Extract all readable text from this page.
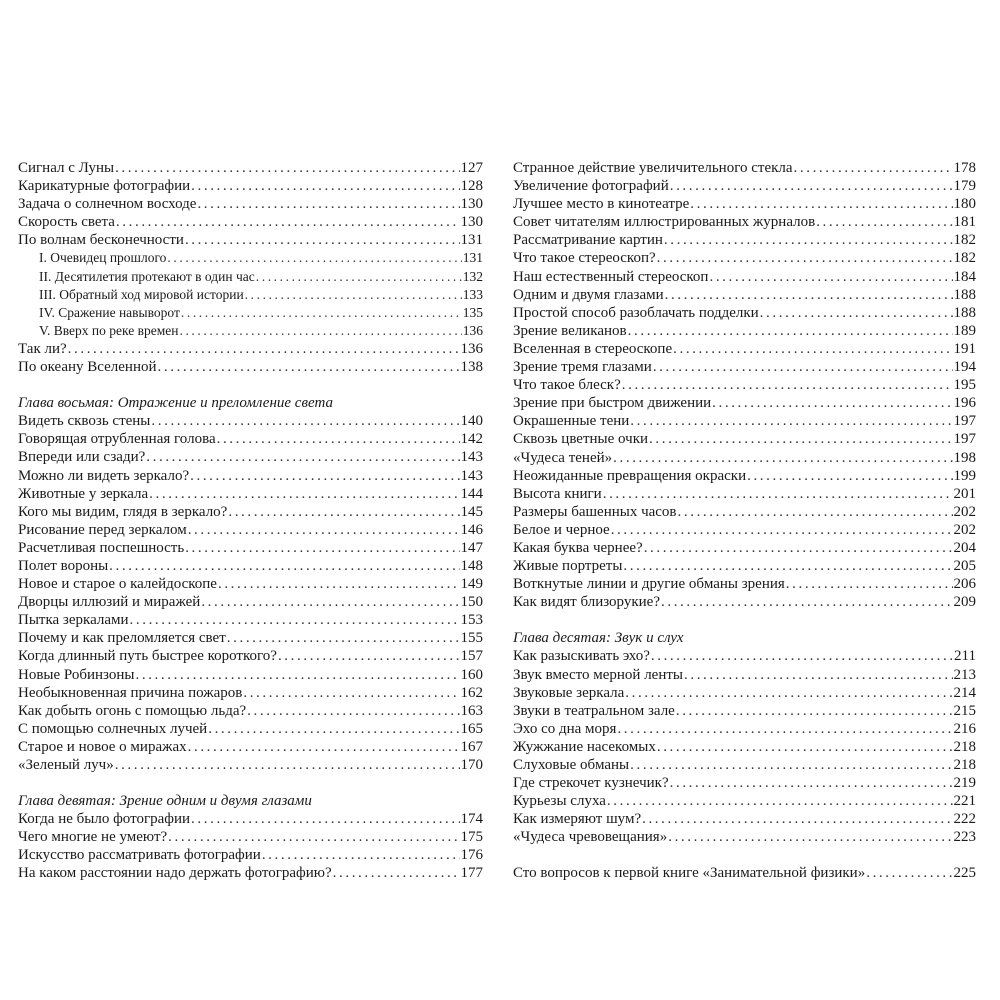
Сигнал с Луны .....	127
Карикатурные фотографии .....	128
Задача о солнечном восходе .....	130
Скорость света .....	130
По волнам бесконечности .....	131
I. Очевидец прошлого .....	131
II. Десятилетия протекают в один час .....	132
III. Обратный ход мировой истории .....	133
IV. Сражение навыворот .....	135
V. Вверх по реке времен .....	136
Так ли? .....	136
По океану Вселенной .....	138
Глава восьмая: Отражение и преломление света
Видеть сквозь стены .....	140
Говорящая отрубленная голова .....	142
Впереди или сзади? .....	143
Можно ли видеть зеркало? .....	143
Животные у зеркала .....	144
Кого мы видим, глядя в зеркало? .....	145
Рисование перед зеркалом .....	146
Расчетливая поспешность .....	147
Полет вороны .....	148
Новое и старое о калейдоскопе .....	149
Дворцы иллюзий и миражей .....	150
Пытка зеркалами .....	153
Почему и как преломляется свет .....	155
Когда длинный путь быстрее короткого? .....	157
Новые Робинзоны .....	160
Необыкновенная причина пожаров .....	162
Как добыть огонь с помощью льда? .....	163
С помощью солнечных лучей .....	165
Старое и новое о миражах .....	167
«Зеленый луч» .....	170
Глава девятая: Зрение одним и двумя глазами
Когда не было фотографии .....	174
Чего многие не умеют? .....	175
Искусство рассматривать фотографии .....	176
На каком расстоянии надо держать фотографию? .....	177
Странное действие увеличительного стекла .....	178
Увеличение фотографий .....	179
Лучшее место в кинотеатре .....	180
Совет читателям иллюстрированных журналов .....	181
Рассматривание картин .....	182
Что такое стереоскоп? .....	182
Наш естественный стереоскоп .....	184
Одним и двумя глазами .....	188
Простой способ разоблачать подделки .....	188
Зрение великанов .....	189
Вселенная в стереоскопе .....	191
Зрение тремя глазами .....	194
Что такое блеск? .....	195
Зрение при быстром движении .....	196
Окрашенные тени .....	197
Сквозь цветные очки .....	197
«Чудеса теней» .....	198
Неожиданные превращения окраски .....	199
Высота книги .....	201
Размеры башенных часов .....	202
Белое и черное .....	202
Какая буква чернее? .....	204
Живые портреты .....	205
Воткнутые линии и другие обманы зрения .....	206
Как видят близорукие? .....	209
Глава десятая: Звук и слух
Как разыскивать эхо? .....	211
Звук вместо мерной ленты .....	213
Звуковые зеркала .....	214
Звуки в театральном зале .....	215
Эхо со дна моря .....	216
Жужжание насекомых .....	218
Слуховые обманы .....	218
Где стрекочет кузнечик? .....	219
Курьезы слуха .....	221
Как измеряют шум? .....	222
«Чудеса чревовещания» .....	223
Сто вопросов к первой книге «Занимательной физики» .....	225
